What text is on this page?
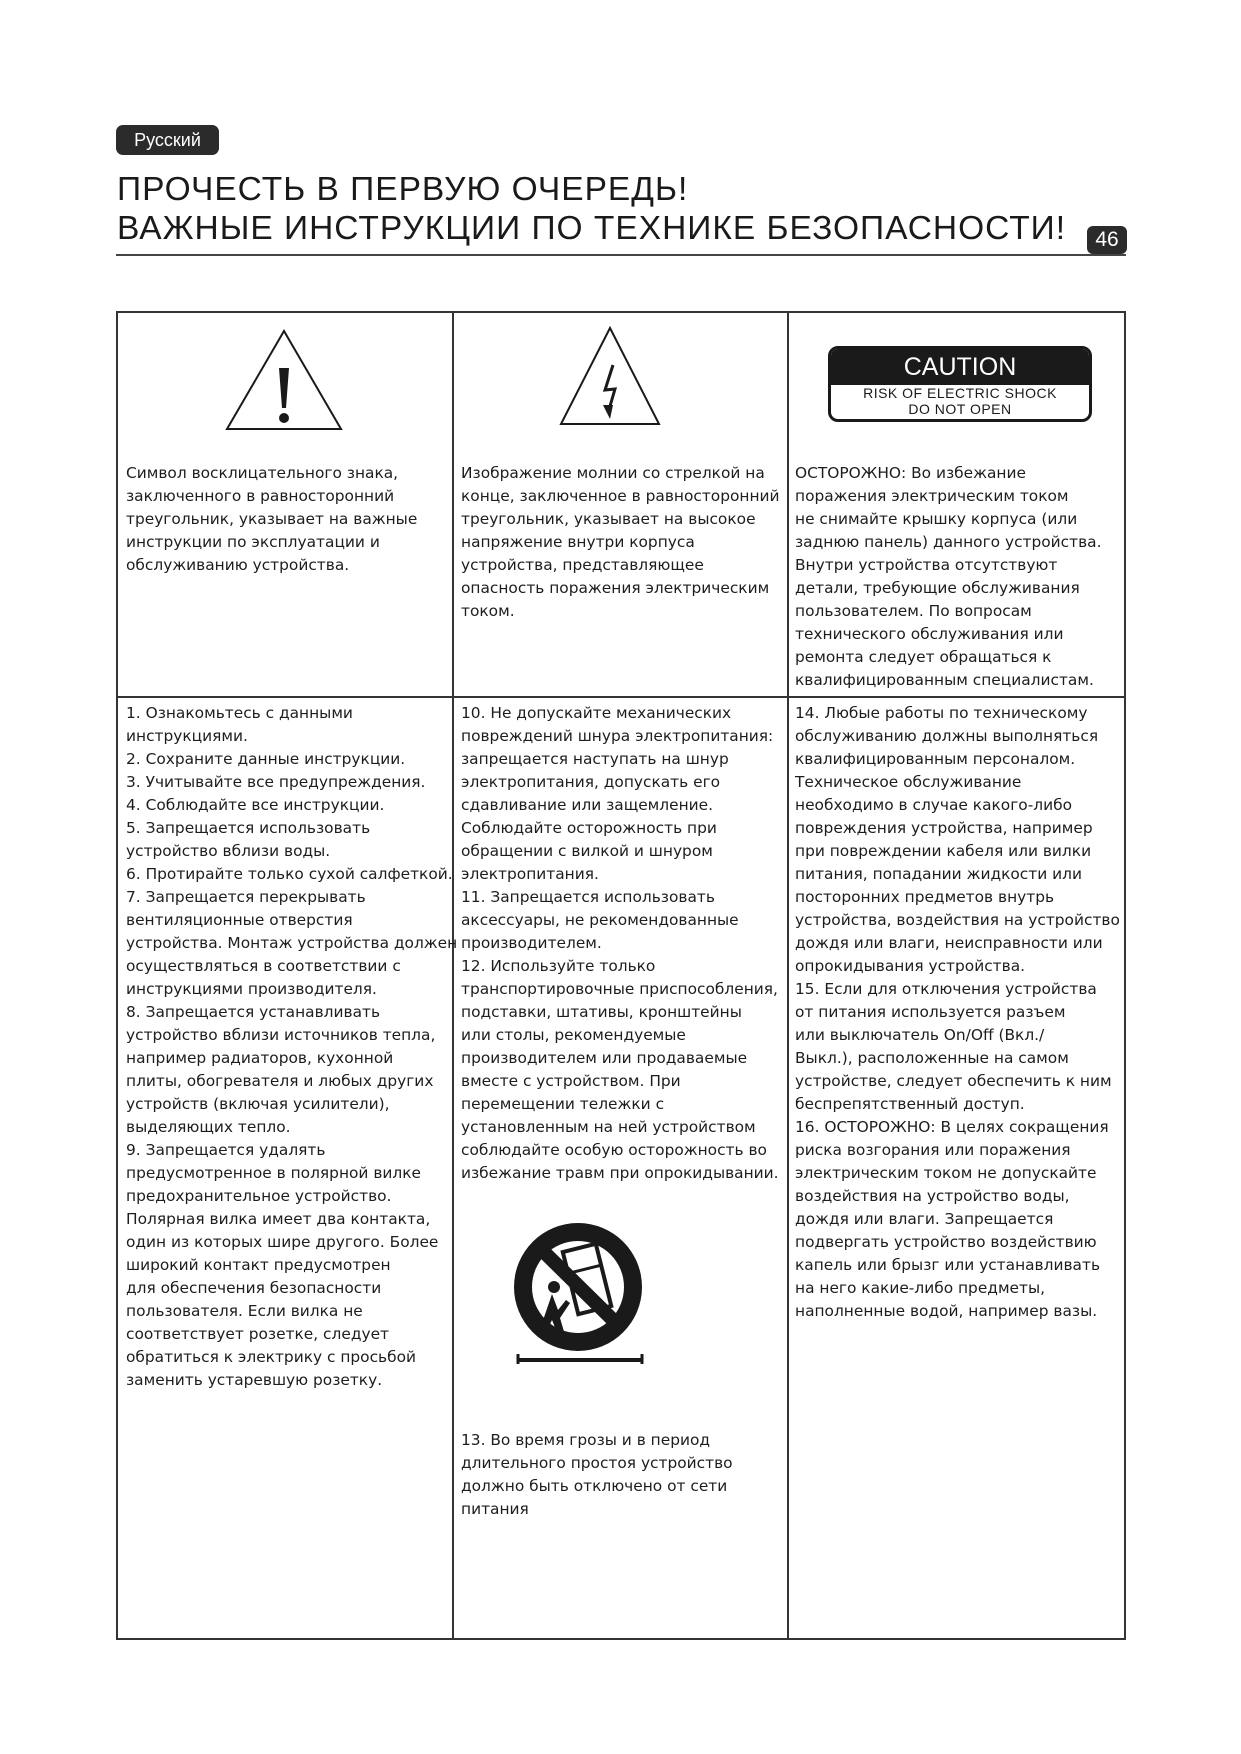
Русский
ПРОЧЕСТЬ В ПЕРВУЮ ОЧЕРЕДЬ!
ВАЖНЫЕ ИНСТРУКЦИИ ПО ТЕХНИКЕ БЕЗОПАСНОСТИ!	46
CAUTION
RISK OF ELECTRIC SHOCK
DO NOT OPEN
Символ восклицательного знака,
заключенного в равносторонний
треугольник, указывает на важные
инструкции по эксплуатации и
обслуживанию устройства.
Изображение молнии со стрелкой на
конце, заключенное в равносторонний
треугольник, указывает на высокое
напряжение внутри корпуса
устройства, представляющее
опасность поражения электрическим
током.
ОСТОРОЖНО: Во избежание
поражения электрическим током
не снимайте крышку корпуса (или
заднюю панель) данного устройства.
Внутри устройства отсутствуют
детали, требующие обслуживания
пользователем. По вопросам
технического обслуживания или
ремонта следует обращаться к
квалифицированным специалистам.
1. Ознакомьтесь с данными
инструкциями.
2. Сохраните данные инструкции.
3. Учитывайте все предупреждения.
4. Соблюдайте все инструкции.
5. Запрещается использовать
устройство вблизи воды.
6. Протирайте только сухой салфеткой.
7. Запрещается перекрывать
вентиляционные отверстия
устройства. Монтаж устройства должен
осуществляться в соответствии с
инструкциями производителя.
8. Запрещается устанавливать
устройство вблизи источников тепла,
например радиаторов, кухонной
плиты, обогревателя и любых других
устройств (включая усилители),
выделяющих тепло.
9. Запрещается удалять
предусмотренное в полярной вилке
предохранительное устройство.
Полярная вилка имеет два контакта,
один из которых шире другого. Более
широкий контакт предусмотрен
для обеспечения безопасности
пользователя. Если вилка не
соответствует розетке, следует
обратиться к электрику с просьбой
заменить устаревшую розетку.
10. Не допускайте механических
повреждений шнура электропитания:
запрещается наступать на шнур
электропитания, допускать его
сдавливание или защемление.
Соблюдайте осторожность при
обращении с вилкой и шнуром
электропитания.
11. Запрещается использовать
аксессуары, не рекомендованные
производителем.
12. Используйте только
транспортировочные приспособления,
подставки, штативы, кронштейны
или столы, рекомендуемые
производителем или продаваемые
вместе с устройством. При
перемещении тележки с
установленным на ней устройством
соблюдайте особую осторожность во
избежание травм при опрокидывании.
13. Во время грозы и в период
длительного простоя устройство
должно быть отключено от сети
питания
14. Любые работы по техническому
обслуживанию должны выполняться
квалифицированным персоналом.
Техническое обслуживание
необходимо в случае какого-либо
повреждения устройства, например
при повреждении кабеля или вилки
питания, попадании жидкости или
посторонних предметов внутрь
устройства, воздействия на устройство
дождя или влаги, неисправности или
опрокидывания устройства.
15. Если для отключения устройства
от питания используется разъем
или выключатель On/Off (Вкл./
Выкл.), расположенные на самом
устройстве, следует обеспечить к ним
беспрепятственный доступ.
16. ОСТОРОЖНО: В целях сокращения
риска возгорания или поражения
электрическим током не допускайте
воздействия на устройство воды,
дождя или влаги. Запрещается
подвергать устройство воздействию
капель или брызг или устанавливать
на него какие-либо предметы,
наполненные водой, например вазы.
